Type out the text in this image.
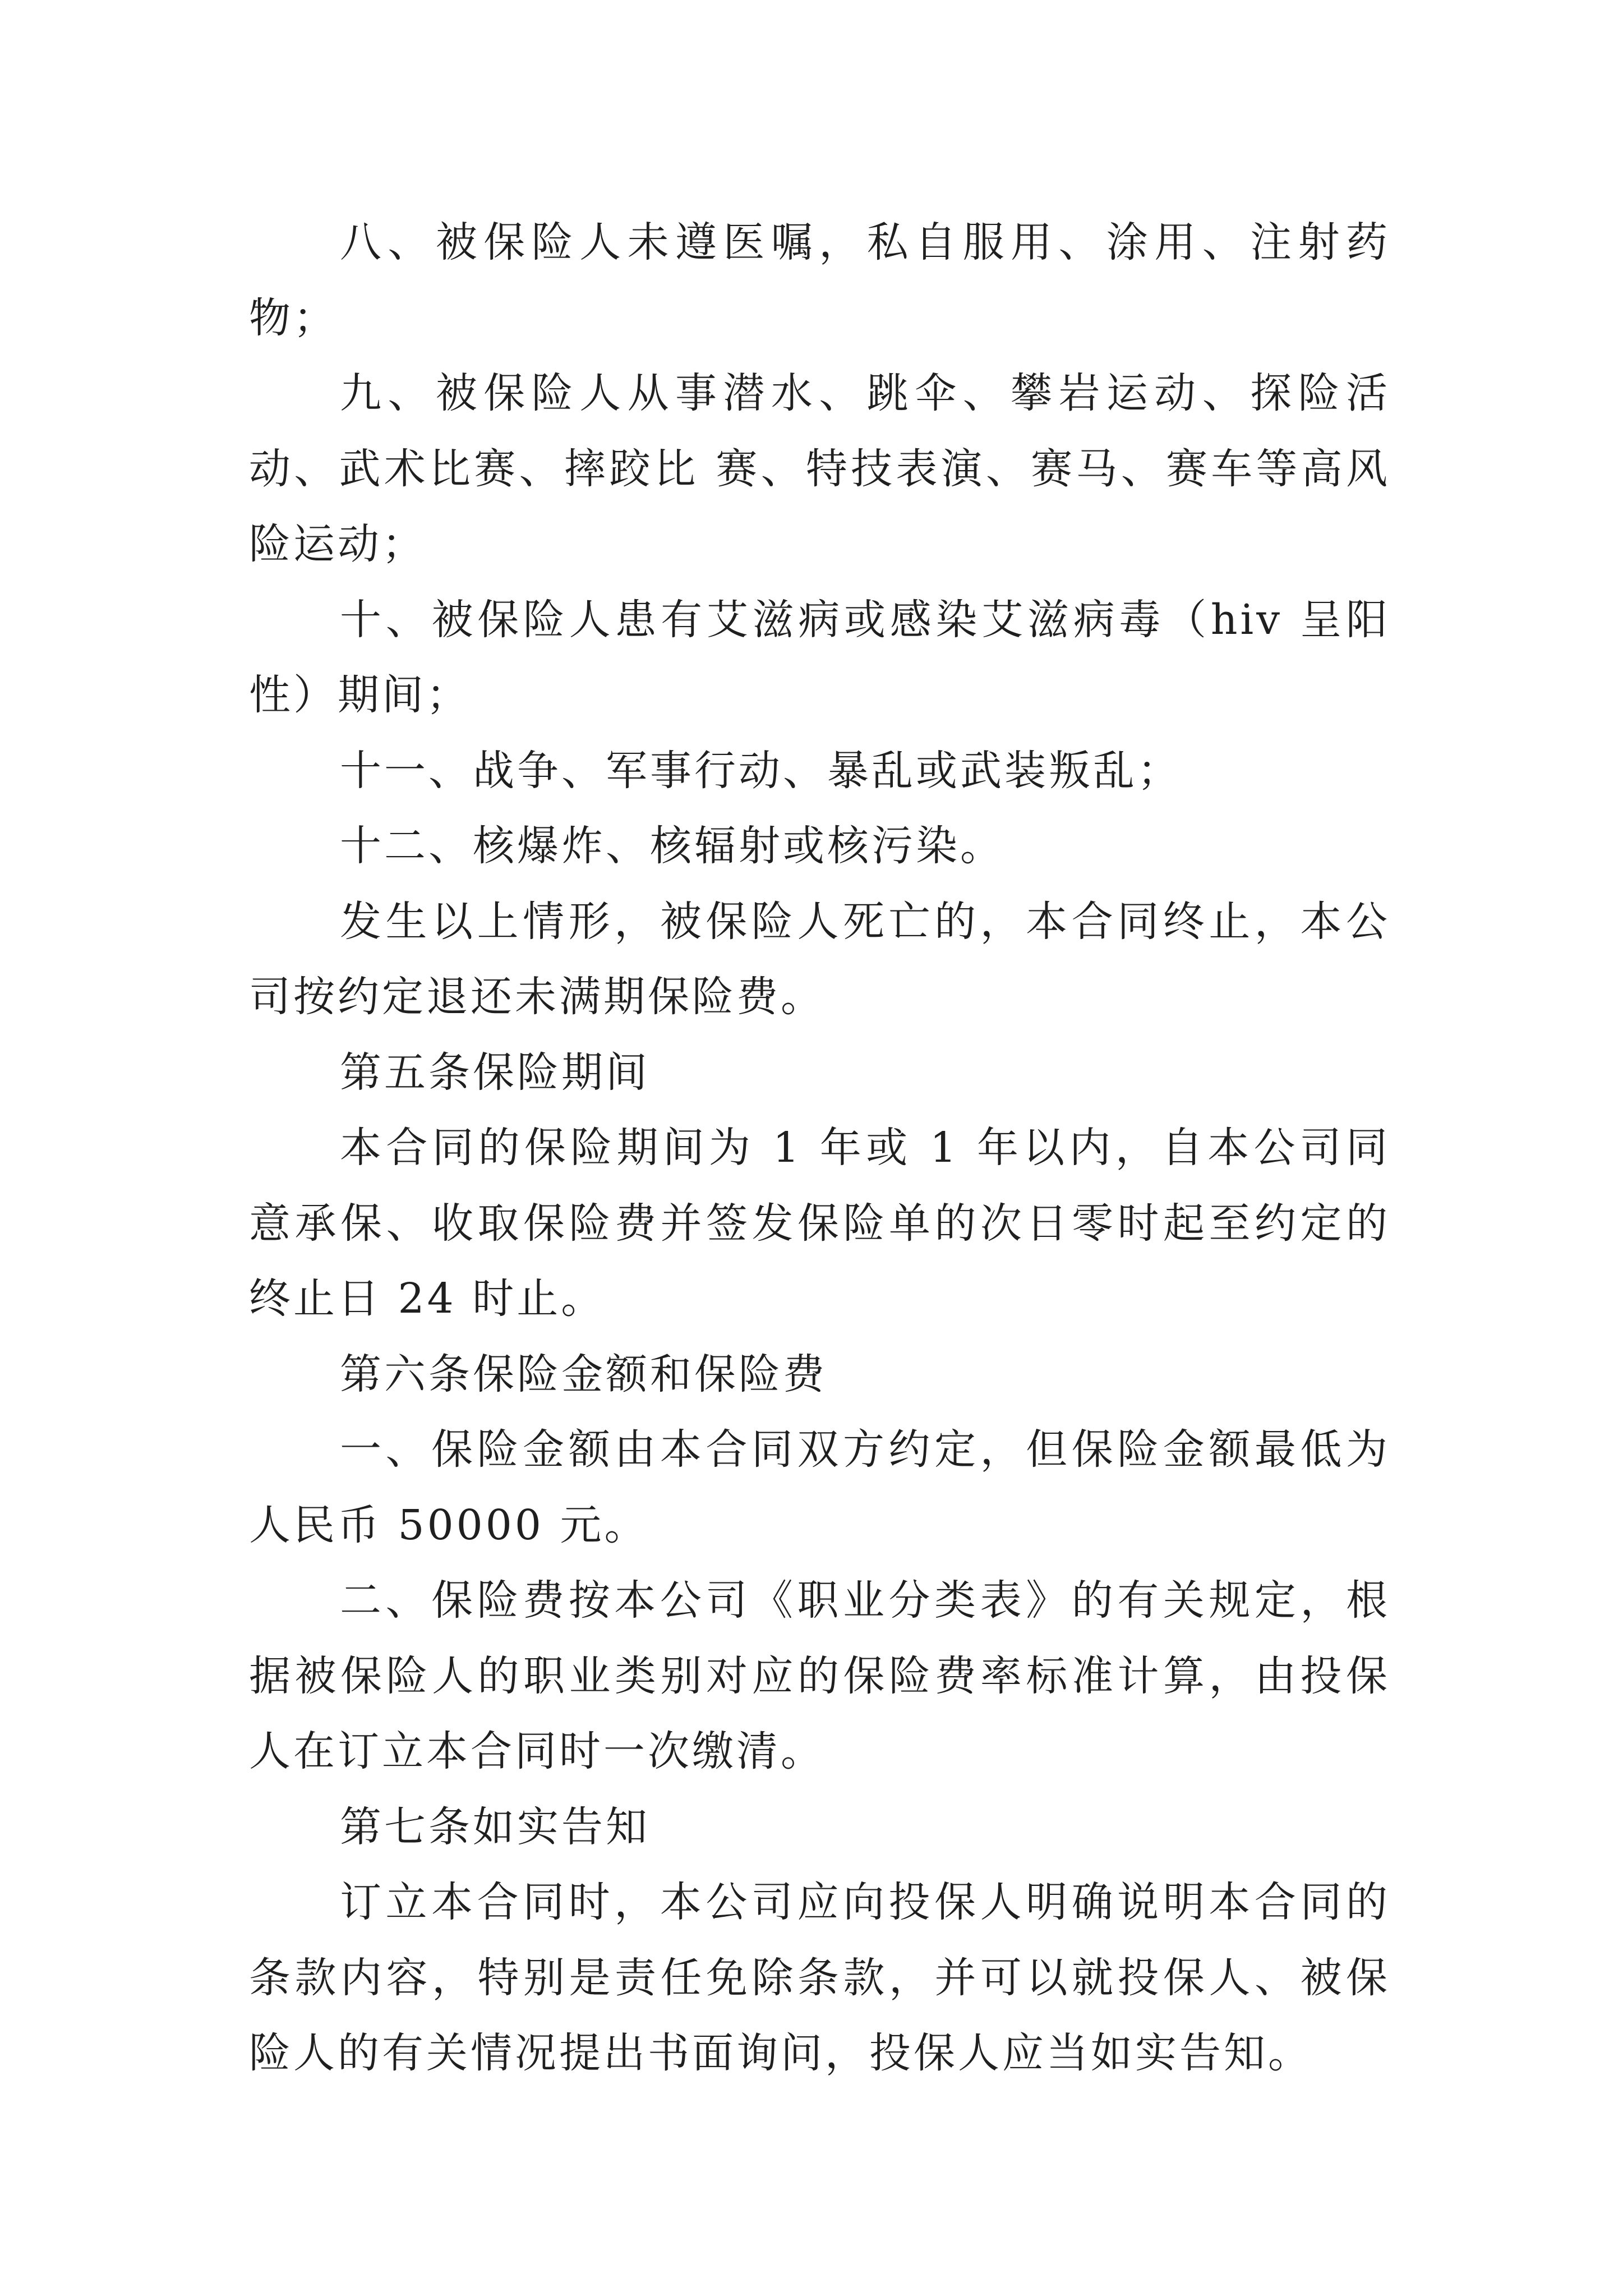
八、被保险人未遵医嘱，私自服用、涂用、注射药物；

九、被保险人从事潜水、跳伞、攀岩运动、探险活动、武术比赛、摔跤比 赛、特技表演、赛马、赛车等高风险运动；

十、被保险人患有艾滋病或感染艾滋病毒（hiv 呈阳性）期间；

十一、战争、军事行动、暴乱或武装叛乱；

十二、核爆炸、核辐射或核污染。

发生以上情形，被保险人死亡的，本合同终止，本公司按约定退还未满期保险费。

第五条保险期间

本合同的保险期间为 1 年或 1 年以内，自本公司同意承保、收取保险费并签发保险单的次日零时起至约定的终止日 24 时止。

第六条保险金额和保险费

一、保险金额由本合同双方约定，但保险金额最低为人民币 50000 元。

二、保险费按本公司《职业分类表》的有关规定，根据被保险人的职业类别对应的保险费率标准计算，由投保人在订立本合同时一次缴清。

第七条如实告知

订立本合同时，本公司应向投保人明确说明本合同的条款内容，特别是责任免除条款，并可以就投保人、被保险人的有关情况提出书面询问，投保人应当如实告知。
